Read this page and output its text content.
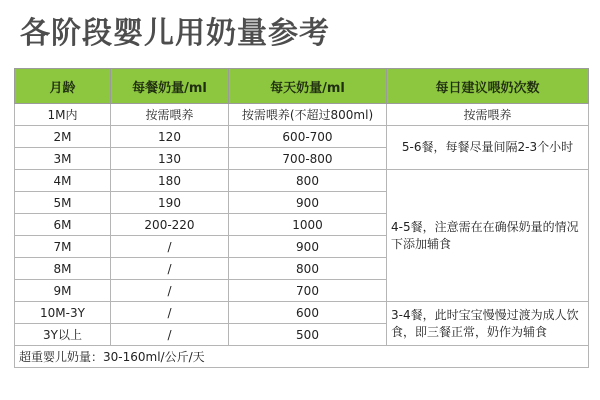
各阶段婴儿用奶量参考
月龄	每餐奶量/ml	每天奶量/ml	每日建议喂奶次数
1M内	按需喂养	按需喂养(不超过800ml)	按需喂养
2M	120	600-700	5-6餐，每餐尽量间隔2-3个小时
3M	130	700-800	
4M	180	800	4-5餐，注意需在在确保奶量的情况下添加辅食
5M	190	900	
6M	200-220	1000	
7M	/	900	
8M	/	800	
9M	/	700	
10M-3Y	/	600	3-4餐，此时宝宝慢慢过渡为成人饮食，即三餐正常，奶作为辅食
3Y以上	/	500	
超重婴儿奶量：30-160ml/公斤/天			
